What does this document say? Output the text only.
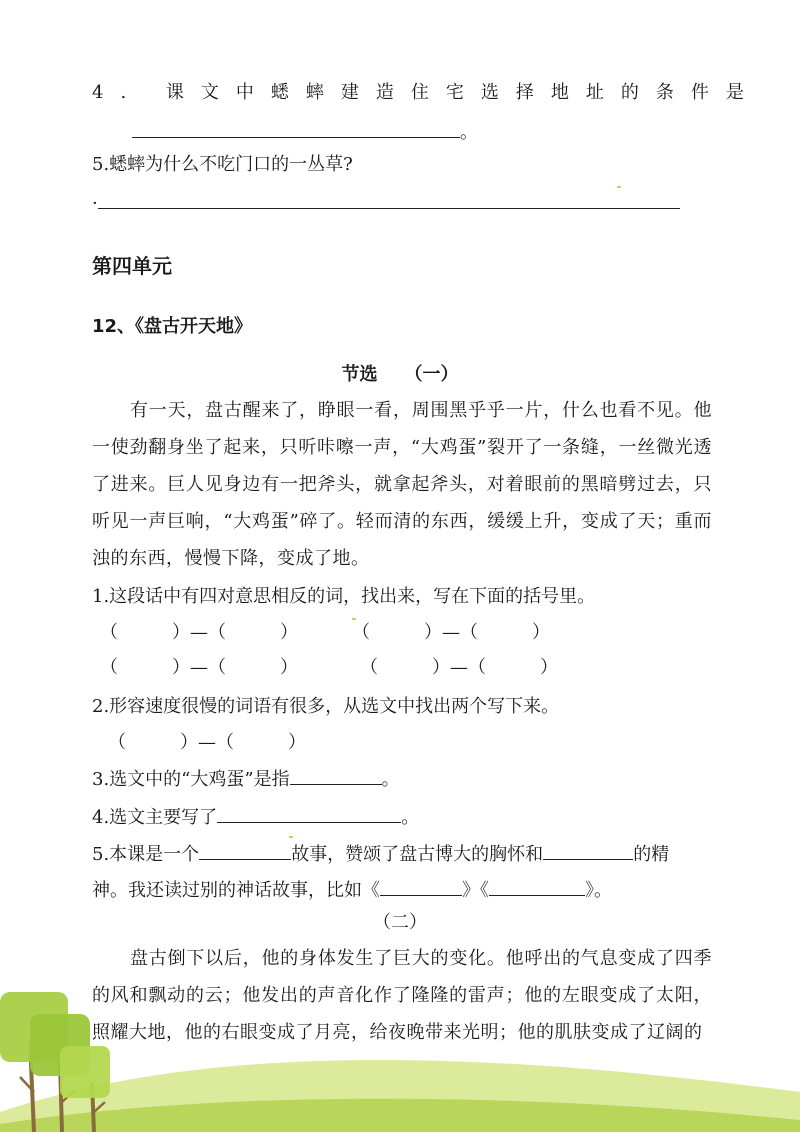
4. 课文中蟋蟀建造住宅选择地址的条件是
。
5.蟋蟀为什么不吃门口的一丛草?
·
第四单元
12、《盘古开天地》
节选　　（一）
有一天，盘古醒来了，睁眼一看，周围黑乎乎一片，什么也看不见。他一使劲翻身坐了起来，只听咔嚓一声，“大鸡蛋”裂开了一条缝，一丝微光透了进来。巨人见身边有一把斧头，就拿起斧头，对着眼前的黑暗劈过去，只听见一声巨响，“大鸡蛋”碎了。轻而清的东西，缓缓上升，变成了天；重而浊的东西，慢慢下降，变成了地。
1.这段话中有四对意思相反的词，找出来，写在下面的括号里。
（　　　）—（　　　）	（　　　）—（　　　）
（　　　）—（　　　）	（　　　）—（　　　）
2.形容速度很慢的词语有很多，从选文中找出两个写下来。
（　　　）—（　　　）
3.选文中的“大鸡蛋”是指	。
4.选文主要写了	。
5.本课是一个	故事，赞颂了盘古博大的胸怀和	的精
神。我还读过别的神话故事，比如《	》《	》。
（二）
盘古倒下以后，他的身体发生了巨大的变化。他呼出的气息变成了四季的风和飘动的云；他发出的声音化作了隆隆的雷声；他的左眼变成了太阳，照耀大地，他的右眼变成了月亮，给夜晚带来光明；他的肌肤变成了辽阔的
